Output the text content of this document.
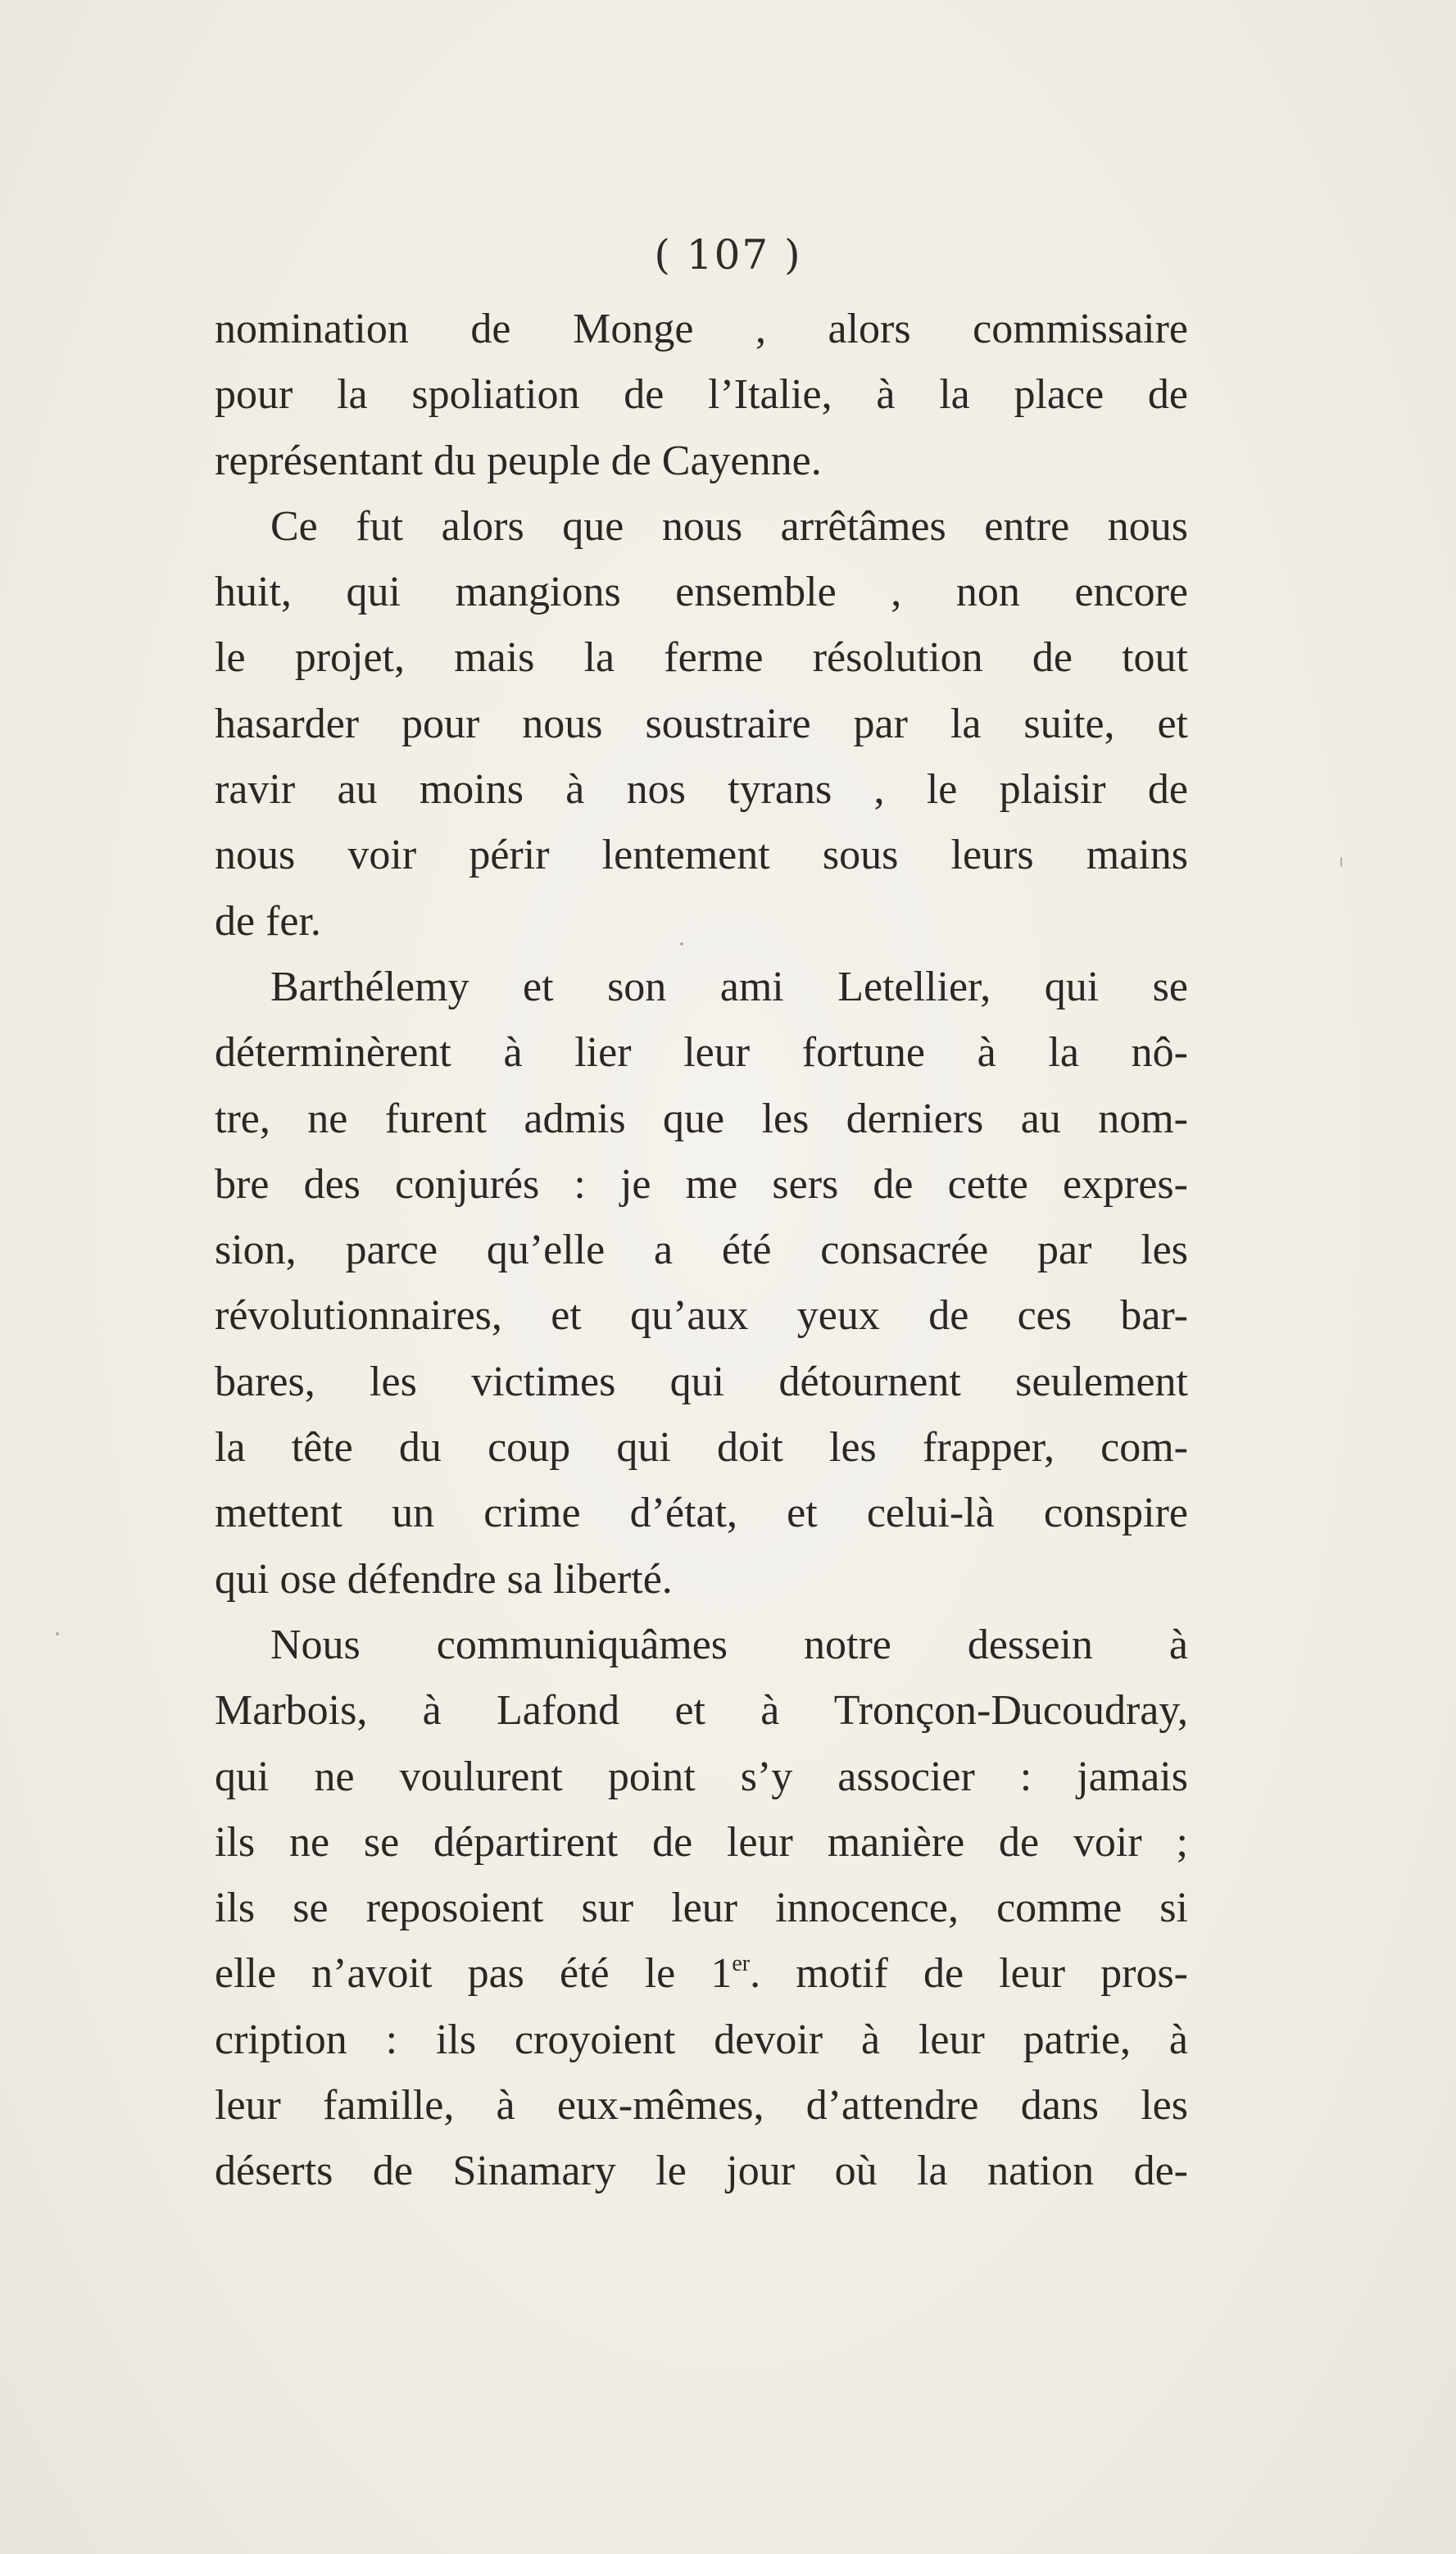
( 107 )
nomination de Monge , alors commissaire
pour la spoliation de l’Italie, à la place de
représentant du peuple de Cayenne.
Ce fut alors que nous arrêtâmes entre nous
huit, qui mangions ensemble , non encore
le projet, mais la ferme résolution de tout
hasarder pour nous soustraire par la suite, et
ravir au moins à nos tyrans , le plaisir de
nous voir périr lentement sous leurs mains
de fer.
Barthélemy et son ami Letellier, qui se
déterminèrent à lier leur fortune à la nô-
tre, ne furent admis que les derniers au nom-
bre des conjurés : je me sers de cette expres-
sion, parce qu’elle a été consacrée par les
révolutionnaires, et qu’aux yeux de ces bar-
bares, les victimes qui détournent seulement
la tête du coup qui doit les frapper, com-
mettent un crime d’état, et celui-là conspire
qui ose défendre sa liberté.
Nous communiquâmes notre dessein à
Marbois, à Lafond et à Tronçon-Ducoudray,
qui ne voulurent point s’y associer : jamais
ils ne se départirent de leur manière de voir ;
ils se reposoient sur leur innocence, comme si
elle n’avoit pas été le 1er. motif de leur pros-
cription : ils croyoient devoir à leur patrie, à
leur famille, à eux-mêmes, d’attendre dans les
déserts de Sinamary le jour où la nation de-
